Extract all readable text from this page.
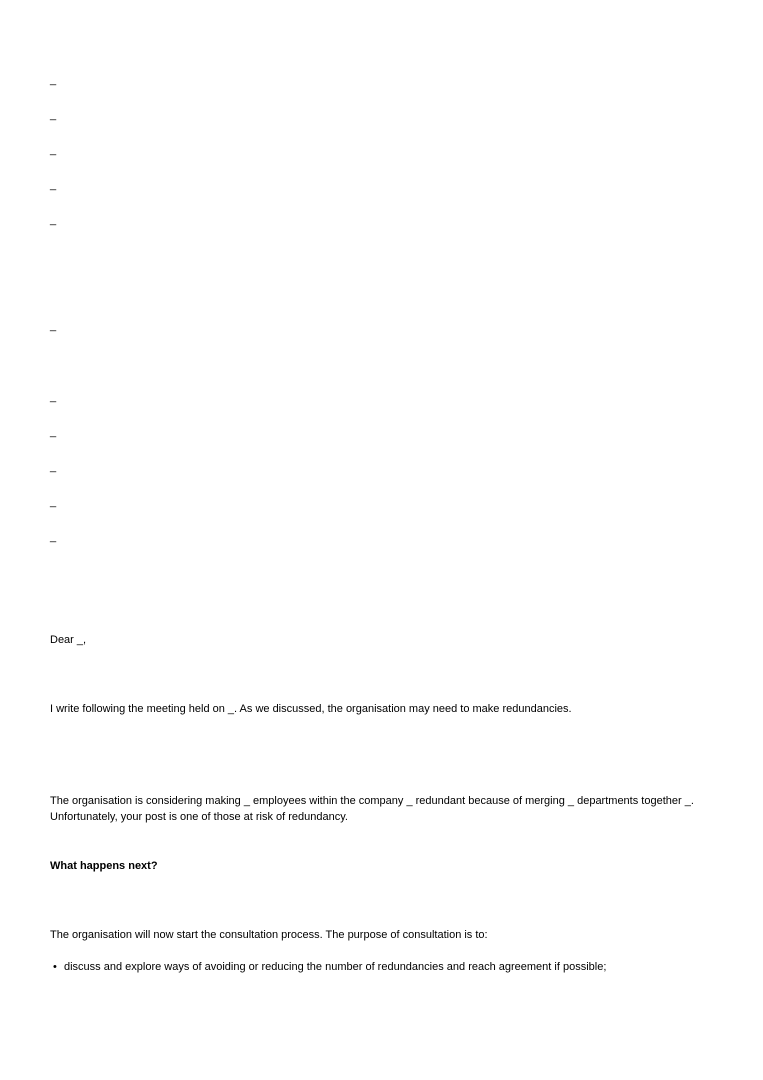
_

_

_

_

_

_

_

_

_

_

_

Dear _,

I write following the meeting held on _. As we discussed, the organisation may need to make redundancies.

The organisation is considering making _ employees within the company _ redundant because of merging _ departments together _. Unfortunately, your post is one of those at risk of redundancy.

What happens next?

The organisation will now start the consultation process. The purpose of consultation is to:

• discuss and explore ways of avoiding or reducing the number of redundancies and reach agreement if possible;
